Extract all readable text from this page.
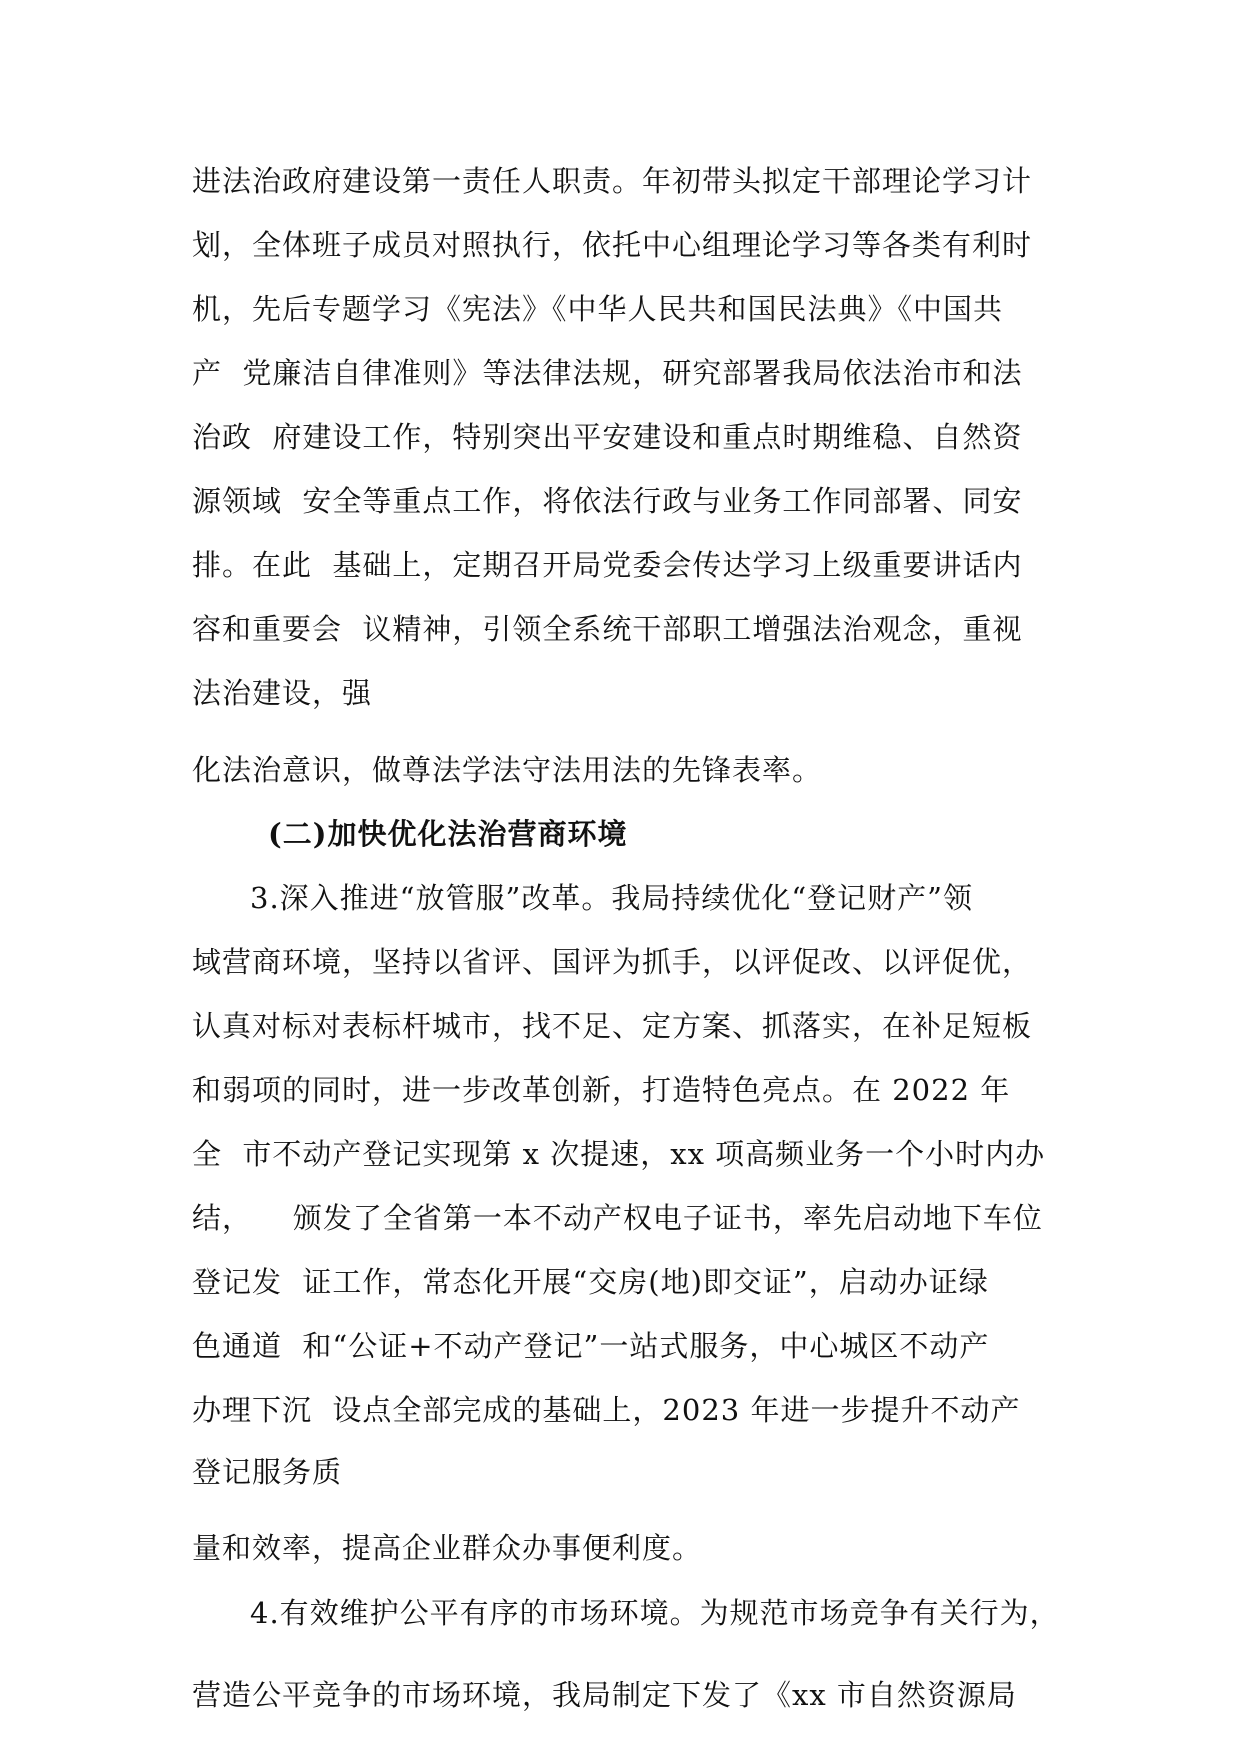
进法治政府建设第一责任人职责。年初带头拟定干部理论学习计

划，全体班子成员对照执行，依托中心组理论学习等各类有利时

机，先后专题学习《宪法》《中华人民共和国民法典》《中国共

产  党廉洁自律准则》等法律法规，研究部署我局依法治市和法

治政  府建设工作，特别突出平安建设和重点时期维稳、自然资

源领域  安全等重点工作，将依法行政与业务工作同部署、同安

排。在此  基础上，定期召开局党委会传达学习上级重要讲话内

容和重要会  议精神，引领全系统干部职工增强法治观念，重视

法治建设，强

化法治意识，做尊法学法守法用法的先锋表率。

(二)加快优化法治营商环境

3.深入推进“放管服”改革。我局持续优化“登记财产”领

域营商环境，坚持以省评、国评为抓手，以评促改、以评促优，

认真对标对表标杆城市，找不足、定方案、抓落实，在补足短板

和弱项的同时，进一步改革创新，打造特色亮点。在 2022 年

全  市不动产登记实现第 x 次提速，xx 项高频业务一个小时内办

结，    颁发了全省第一本不动产权电子证书，率先启动地下车位

登记发  证工作，常态化开展“交房(地)即交证”，启动办证绿

色通道  和“公证+不动产登记”一站式服务，中心城区不动产

办理下沉  设点全部完成的基础上，2023 年进一步提升不动产

登记服务质

量和效率，提高企业群众办事便利度。

4.有效维护公平有序的市场环境。为规范市场竞争有关行为，

营造公平竞争的市场环境，我局制定下发了《xx 市自然资源局
